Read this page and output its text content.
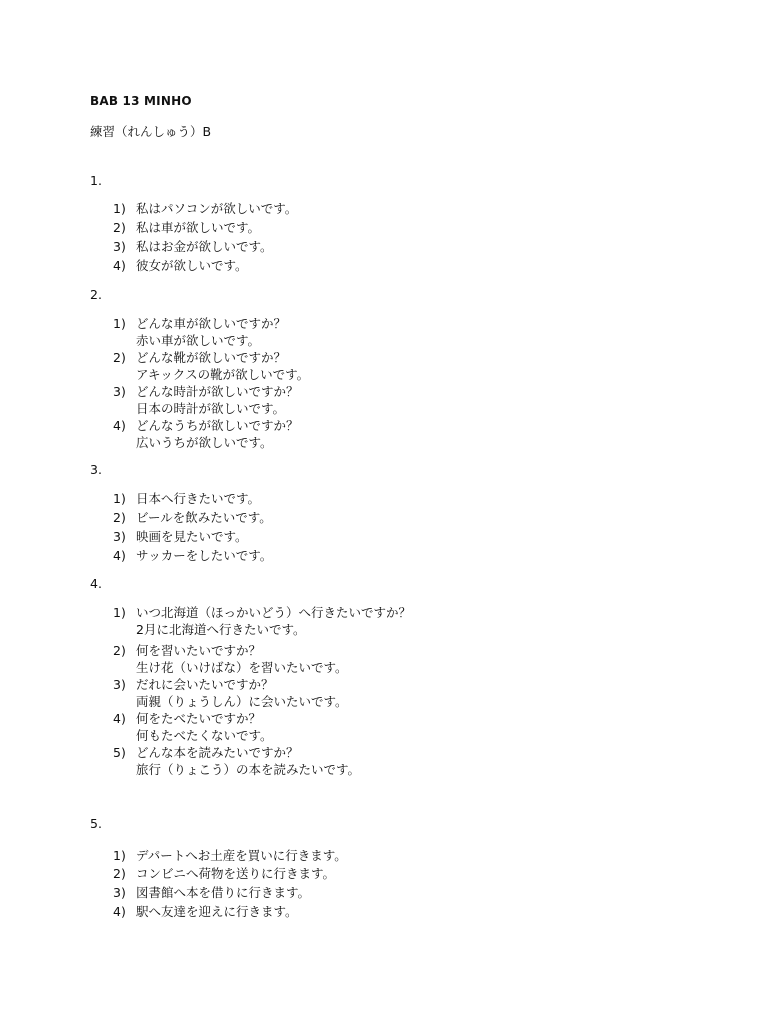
BAB 13 MINHO
練習（れんしゅう）B
1.
1) 私はパソコンが欲しいです。
2) 私は車が欲しいです。
3) 私はお金が欲しいです。
4) 彼女が欲しいです。
2.
1) どんな車が欲しいですか？
赤い車が欲しいです。
2) どんな靴が欲しいですか？
アキックスの靴が欲しいです。
3) どんな時計が欲しいですか？
日本の時計が欲しいです。
4) どんなうちが欲しいですか？
広いうちが欲しいです。
3.
1) 日本へ行きたいです。
2) ビールを飲みたいです。
3) 映画を見たいです。
4) サッカーをしたいです。
4.
1) いつ北海道（ほっかいどう）へ行きたいですか？
2月に北海道へ行きたいです。
2) 何を習いたいですか？
生け花（いけばな）を習いたいです。
3) だれに会いたいですか？
両親（りょうしん）に会いたいです。
4) 何をたべたいですか？
何もたべたくないです。
5) どんな本を読みたいですか？
旅行（りょこう）の本を読みたいです。
5.
1) デパートへお土産を買いに行きます。
2) コンビニへ荷物を送りに行きます。
3) 図書館へ本を借りに行きます。
4) 駅へ友達を迎えに行きます。
